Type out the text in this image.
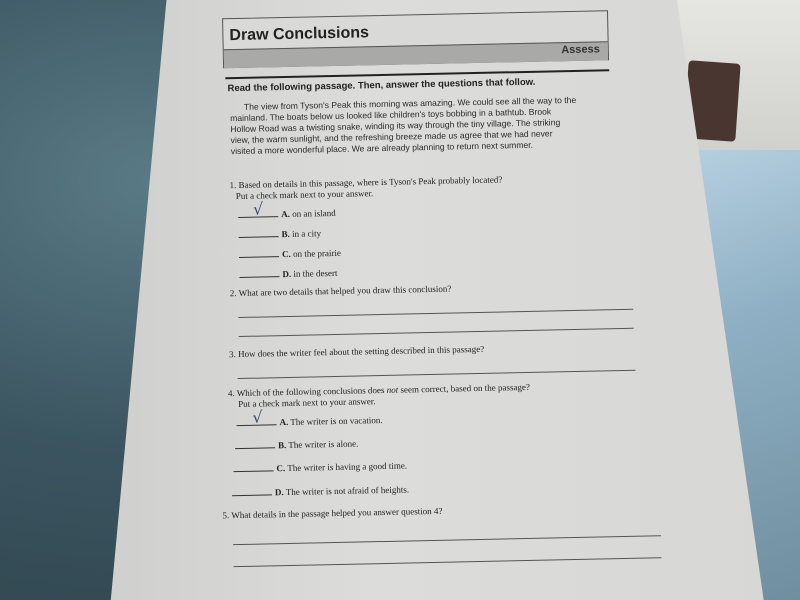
Draw Conclusions
Assess
Read the following passage. Then, answer the questions that follow.

The view from Tyson's Peak this morning was amazing. We could see all the way to the mainland. The boats below us looked like children's toys bobbing in a bathtub. Brook Hollow Road was a twisting snake, winding its way through the tiny village. The striking view, the warm sunlight, and the refreshing breeze made us agree that we had never visited a more wonderful place. We are already planning to return next summer.

1. Based on details in this passage, where is Tyson's Peak probably located?
Put a check mark next to your answer.
√	A. on an island
B. in a city
C. on the prairie
D. in the desert
2. What are two details that helped you draw this conclusion?
3. How does the writer feel about the setting described in this passage?
4. Which of the following conclusions does not seem correct, based on the passage?
Put a check mark next to your answer.
√	A. The writer is on vacation.
B. The writer is alone.
C. The writer is having a good time.
D. The writer is not afraid of heights.
5. What details in the passage helped you answer question 4?
